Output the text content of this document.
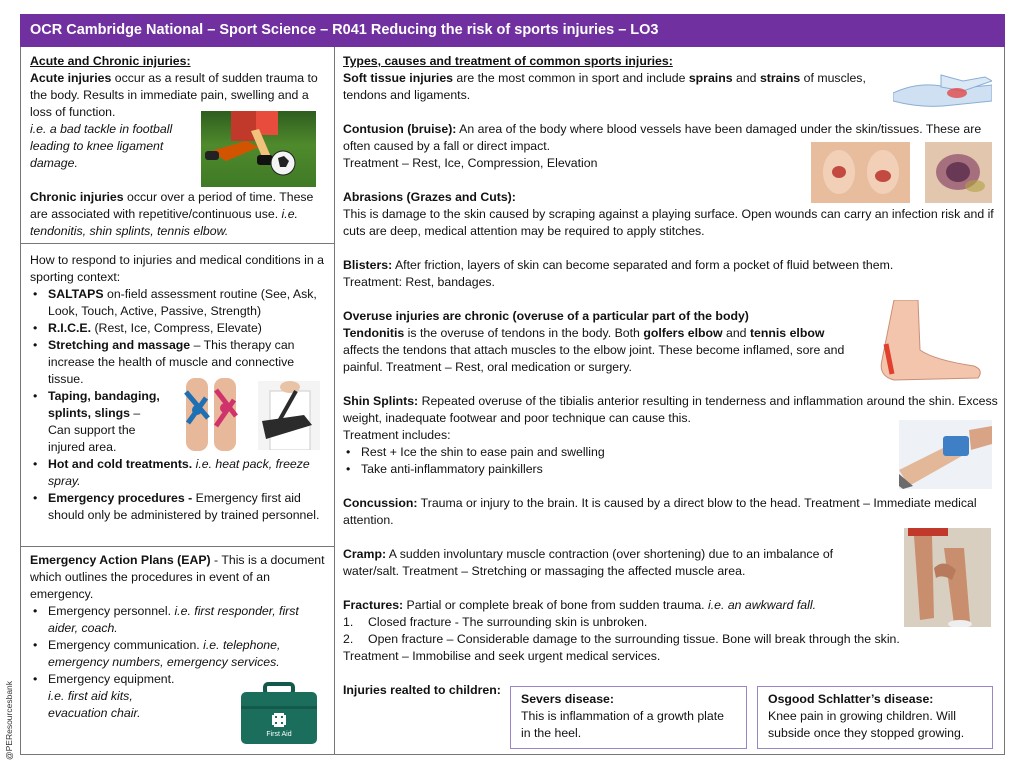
OCR Cambridge National – Sport Science – R041 Reducing the risk of sports injuries – LO3
@PEResourcesbank

Acute and Chronic injuries:

Acute injuries occur as a result of sudden trauma to the body. Results in immediate pain, swelling and a loss of function.

i.e. a bad tackle in football leading to knee ligament damage.

Chronic injuries occur over a period of time. These are associated with repetitive/continuous use. i.e. tendonitis, shin splints, tennis elbow.

How to respond to injuries and medical conditions in a sporting context:

• SALTAPS on-field assessment routine (See, Ask, Look, Touch, Active, Passive, Strength)
• R.I.C.E. (Rest, Ice, Compress, Elevate)
• Stretching and massage – This therapy can increase the health of muscle and connective tissue.
• Taping, bandaging, splints, slings – Can support the injured area.
• Hot and cold treatments. i.e. heat pack, freeze spray.
• Emergency procedures - Emergency first aid should only be administered by trained personnel.

Emergency Action Plans (EAP) - This is a document which outlines the procedures in event of an emergency.

• Emergency personnel. i.e. first responder, first aider, coach.
• Emergency communication. i.e. telephone, emergency numbers, emergency services.
• Emergency equipment.
i.e. first aid kits, evacuation chair.
First Aid

Types, causes and treatment of common sports injuries:

Soft tissue injuries are the most common in sport and include sprains and strains of muscles, tendons and ligaments.

Contusion (bruise): An area of the body where blood vessels have been damaged under the skin/tissues. These are often caused by a fall or direct impact.

Treatment – Rest, Ice, Compression, Elevation

Abrasions (Grazes and Cuts):

This is damage to the skin caused by scraping against a playing surface. Open wounds can carry an infection risk and if cuts are deep, medical attention may be required to apply stitches.

Blisters: After friction, layers of skin can become separated and form a pocket of fluid between them.

Treatment: Rest, bandages.

Overuse injuries are chronic (overuse of a particular part of the body)

Tendonitis is the overuse of tendons in the body. Both golfers elbow and tennis elbow affects the tendons that attach muscles to the elbow joint. These become inflamed, sore and painful. Treatment – Rest, oral medication or surgery.

Shin Splints: Repeated overuse of the tibialis anterior resulting in tenderness and inflammation around the shin. Excess weight, inadequate footwear and poor technique can cause this.

Treatment includes:

• Rest + Ice the shin to ease pain and swelling
• Take anti-inflammatory painkillers

Concussion: Trauma or injury to the brain. It is caused by a direct blow to the head. Treatment – Immediate medical attention.

Cramp: A sudden involuntary muscle contraction (over shortening) due to an imbalance of water/salt. Treatment – Stretching or massaging the affected muscle area.

Fractures: Partial or complete break of bone from sudden trauma. i.e. an awkward fall.

1. Closed fracture - The surrounding skin is unbroken.
2. Open fracture – Considerable damage to the surrounding tissue. Bone will break through the skin.

Treatment – Immobilise and seek urgent medical services.

Injuries realted to children:

Severs disease:

This is inflammation of a growth plate in the heel.

Osgood Schlatter’s disease:

Knee pain in growing children. Will subside once they stopped growing.
